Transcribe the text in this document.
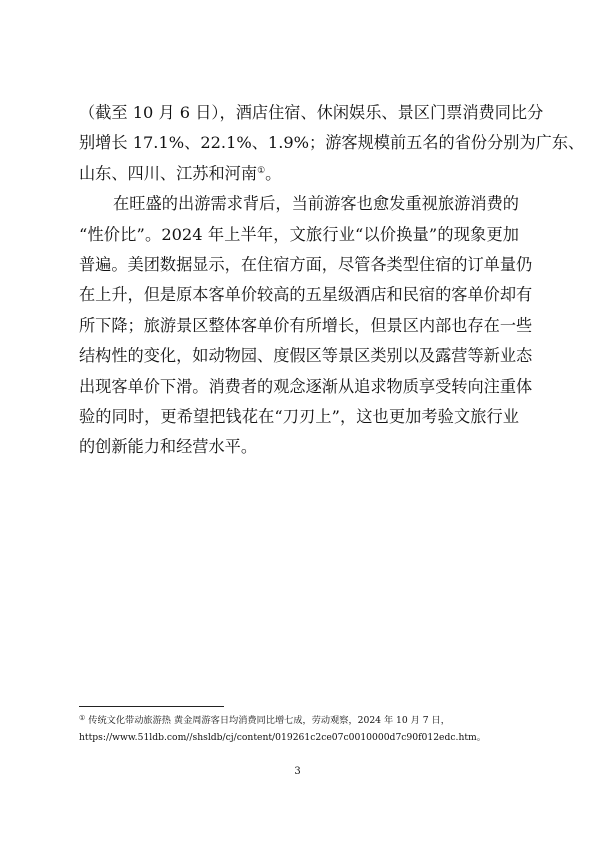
（截至 10 月 6 日），酒店住宿、休闲娱乐、景区门票消费同比分
别增长 17.1%、22.1%、1.9%；游客规模前五名的省份分别为广东、
山东、四川、江苏和河南①。
在旺盛的出游需求背后，当前游客也愈发重视旅游消费的
“性价比”。2024 年上半年，文旅行业“以价换量”的现象更加
普遍。美团数据显示，在住宿方面，尽管各类型住宿的订单量仍
在上升，但是原本客单价较高的五星级酒店和民宿的客单价却有
所下降；旅游景区整体客单价有所增长，但景区内部也存在一些
结构性的变化，如动物园、度假区等景区类别以及露营等新业态
出现客单价下滑。消费者的观念逐渐从追求物质享受转向注重体
验的同时，更希望把钱花在“刀刃上”，这也更加考验文旅行业
的创新能力和经营水平。
① 传统文化带动旅游热 黄金周游客日均消费同比增七成，劳动观察，2024 年 10 月 7 日，
https://www.51ldb.com//shsldb/cj/content/019261c2ce07c0010000d7c90f012edc.htm。
3
